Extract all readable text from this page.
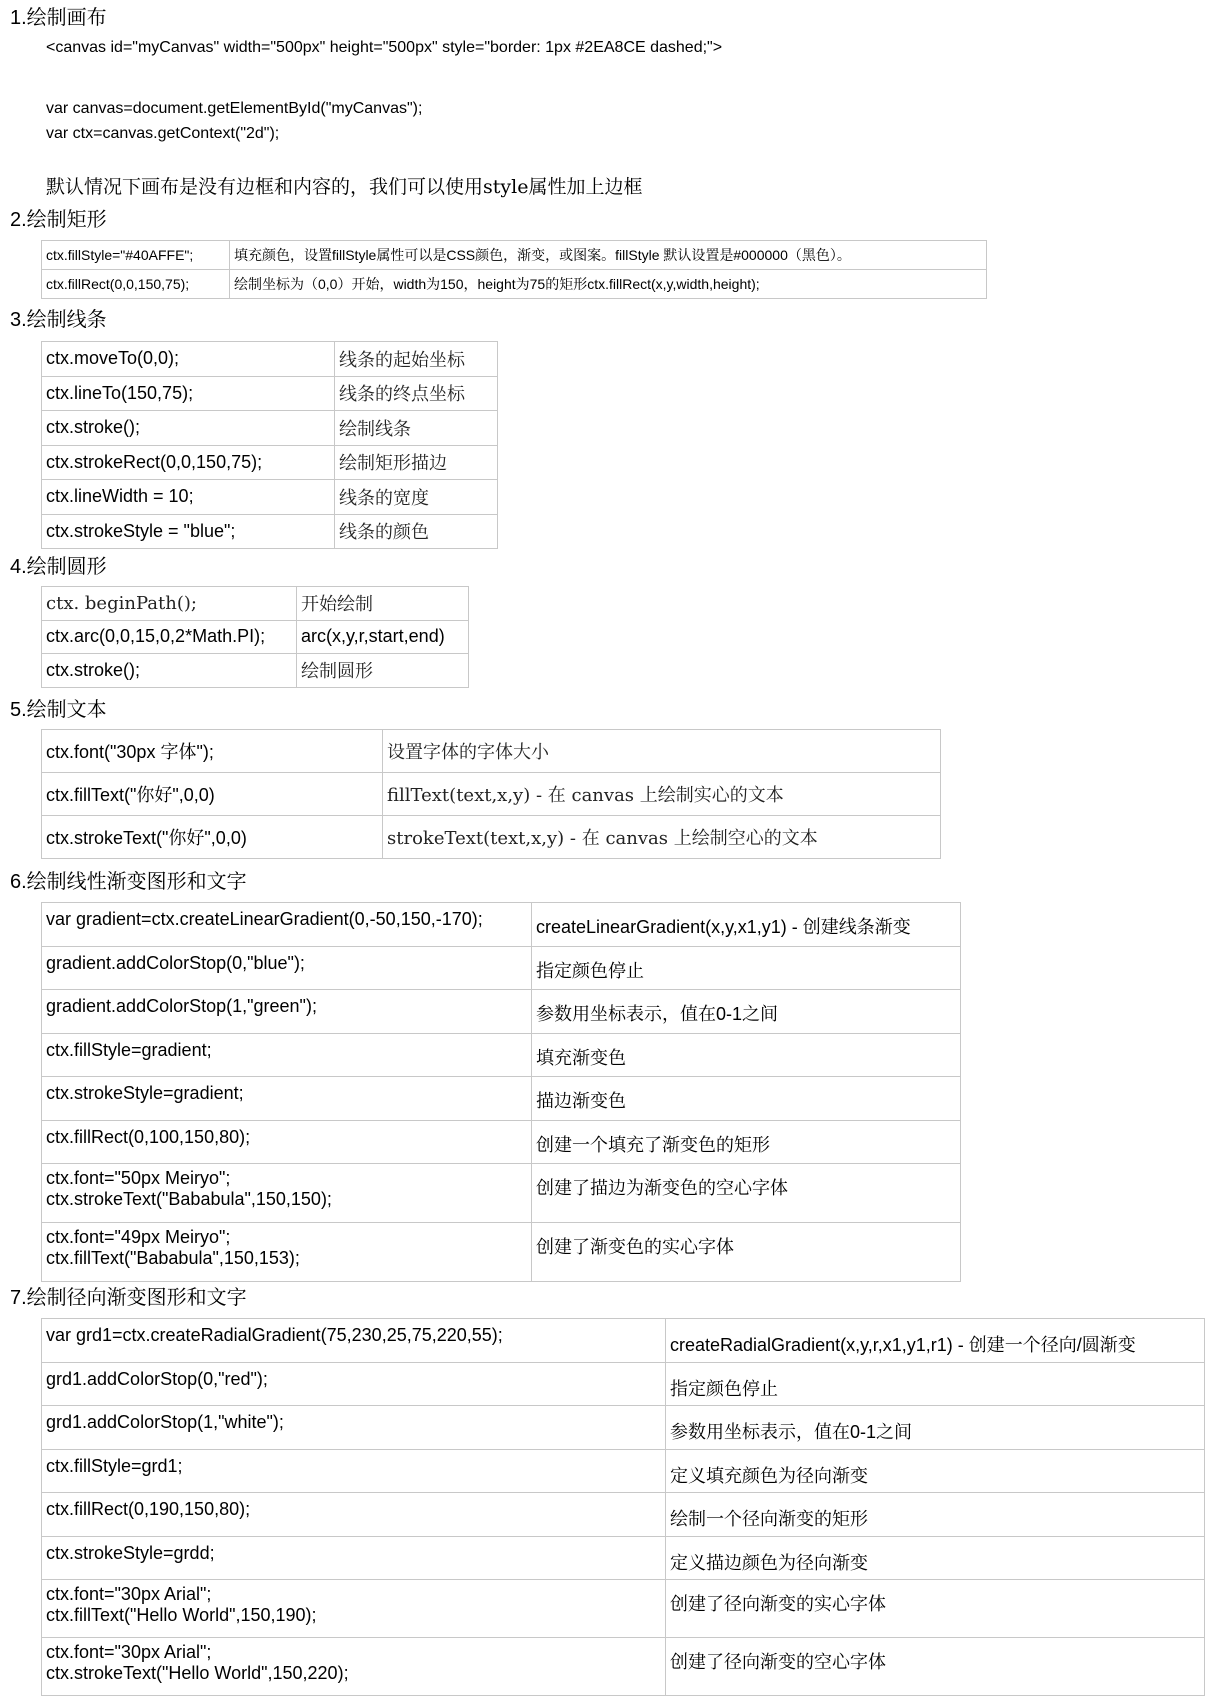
1.绘制画布
<canvas id="myCanvas" width="500px" height="500px" style="border: 1px #2EA8CE dashed;">
var canvas=document.getElementById("myCanvas");
var ctx=canvas.getContext("2d");
默认情况下画布是没有边框和内容的，我们可以使用style属性加上边框
2.绘制矩形
ctx.fillStyle="#40AFFE";	填充颜色，设置fillStyle属性可以是CSS颜色，渐变，或图案。fillStyle 默认设置是#000000（黑色）。
ctx.fillRect(0,0,150,75);	绘制坐标为（0,0）开始，width为150，height为75的矩形ctx.fillRect(x,y,width,height);
3.绘制线条
ctx.moveTo(0,0);	线条的起始坐标
ctx.lineTo(150,75);	线条的终点坐标
ctx.stroke();	绘制线条
ctx.strokeRect(0,0,150,75);	绘制矩形描边
ctx.lineWidth = 10;	线条的宽度
ctx.strokeStyle = "blue";	线条的颜色
4.绘制圆形
ctx. beginPath();	开始绘制
ctx.arc(0,0,15,0,2*Math.PI);	arc(x,y,r,start,end)
ctx.stroke();	绘制圆形
5.绘制文本
ctx.font("30px 字体");	设置字体的字体大小
ctx.fillText("你好",0,0)	fillText(text,x,y) - 在 canvas 上绘制实心的文本
ctx.strokeText("你好",0,0)	strokeText(text,x,y) - 在 canvas 上绘制空心的文本
6.绘制线性渐变图形和文字
var gradient=ctx.createLinearGradient(0,-50,150,-170);	createLinearGradient(x,y,x1,y1) - 创建线条渐变
gradient.addColorStop(0,"blue");	指定颜色停止
gradient.addColorStop(1,"green");	参数用坐标表示，值在0-1之间
ctx.fillStyle=gradient;	填充渐变色
ctx.strokeStyle=gradient;	描边渐变色
ctx.fillRect(0,100,150,80);	创建一个填充了渐变色的矩形

ctx.font="50px Meiryo";
ctx.strokeText("Bababula",150,150);	创建了描边为渐变色的空心字体

ctx.font="49px Meiryo";
ctx.fillText("Bababula",150,153);	创建了渐变色的实心字体
7.绘制径向渐变图形和文字
var grd1=ctx.createRadialGradient(75,230,25,75,220,55);	createRadialGradient(x,y,r,x1,y1,r1) - 创建一个径向/圆渐变
grd1.addColorStop(0,"red");	指定颜色停止
grd1.addColorStop(1,"white");	参数用坐标表示，值在0-1之间
ctx.fillStyle=grd1;	定义填充颜色为径向渐变
ctx.fillRect(0,190,150,80);	绘制一个径向渐变的矩形
ctx.strokeStyle=grdd;	定义描边颜色为径向渐变

ctx.font="30px Arial";
ctx.fillText("Hello World",150,190);	创建了径向渐变的实心字体

ctx.font="30px Arial";
ctx.strokeText("Hello World",150,220);	创建了径向渐变的空心字体
